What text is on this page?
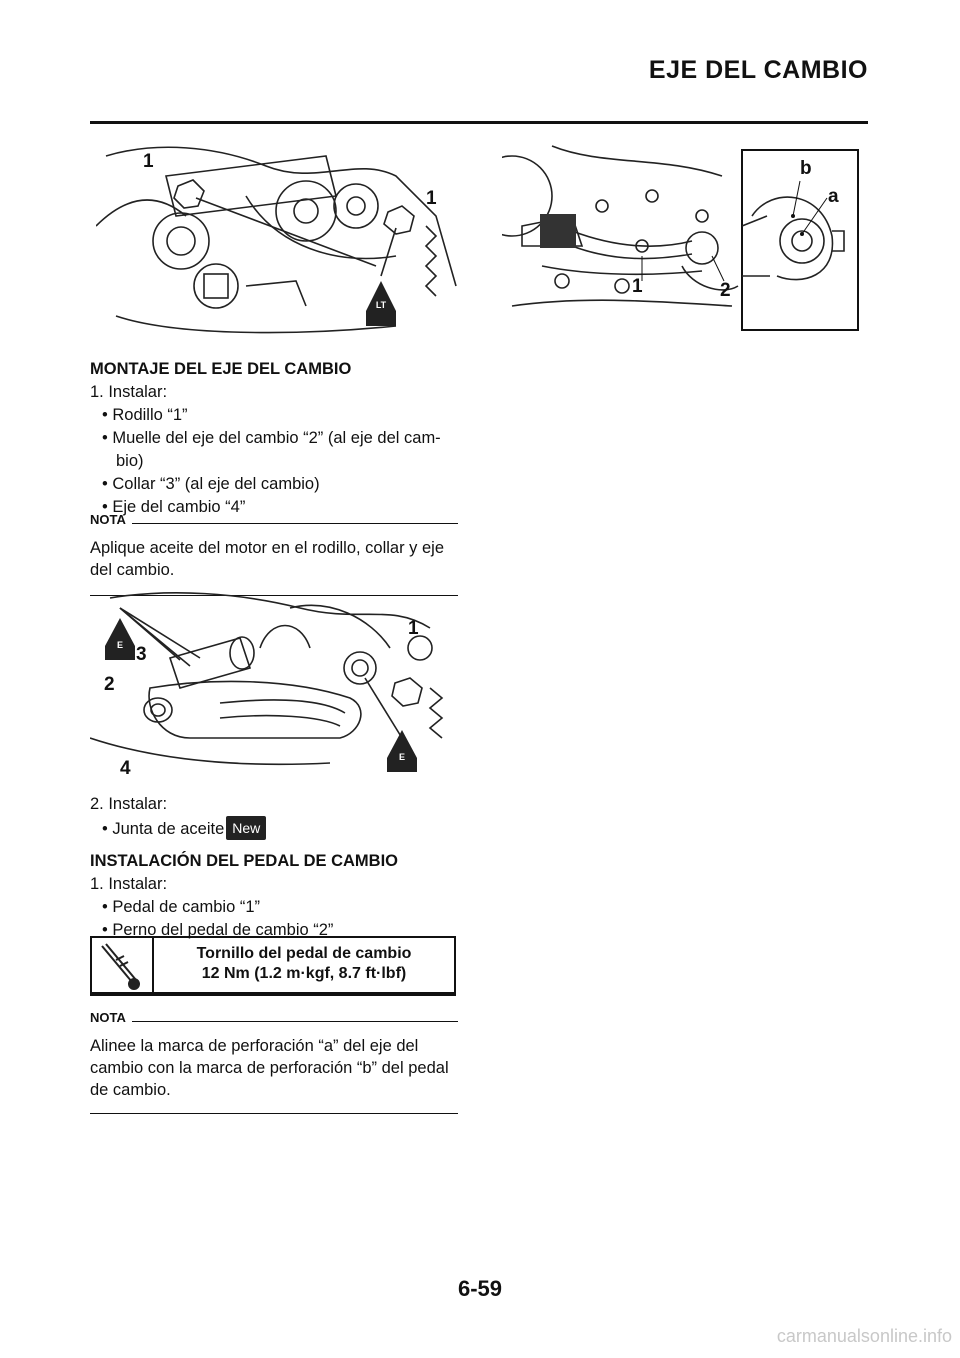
EJE DEL CAMBIO
LT
1
1
b
a
1	2
MONTAJE DEL EJE DEL CAMBIO
1. Instalar:
• Rodillo “1”
• Muelle del eje del cambio “2” (al eje del cam-
bio)
• Collar “3” (al eje del cambio)
• Eje del cambio “4”
NOTA
Aplique aceite del motor en el rodillo, collar y eje del cambio.
E
E
1
3
2
4
2. Instalar:
• Junta de aceite New
INSTALACIÓN DEL PEDAL DE CAMBIO
1. Instalar:
• Pedal de cambio “1”
• Perno del pedal de cambio “2”
Tornillo del pedal de cambio
12 Nm (1.2 m·kgf, 8.7 ft·lbf)
NOTA
Alinee la marca de perforación “a” del eje del cambio con la marca de perforación “b” del pedal de cambio.
6-59
carmanualsonline.info
